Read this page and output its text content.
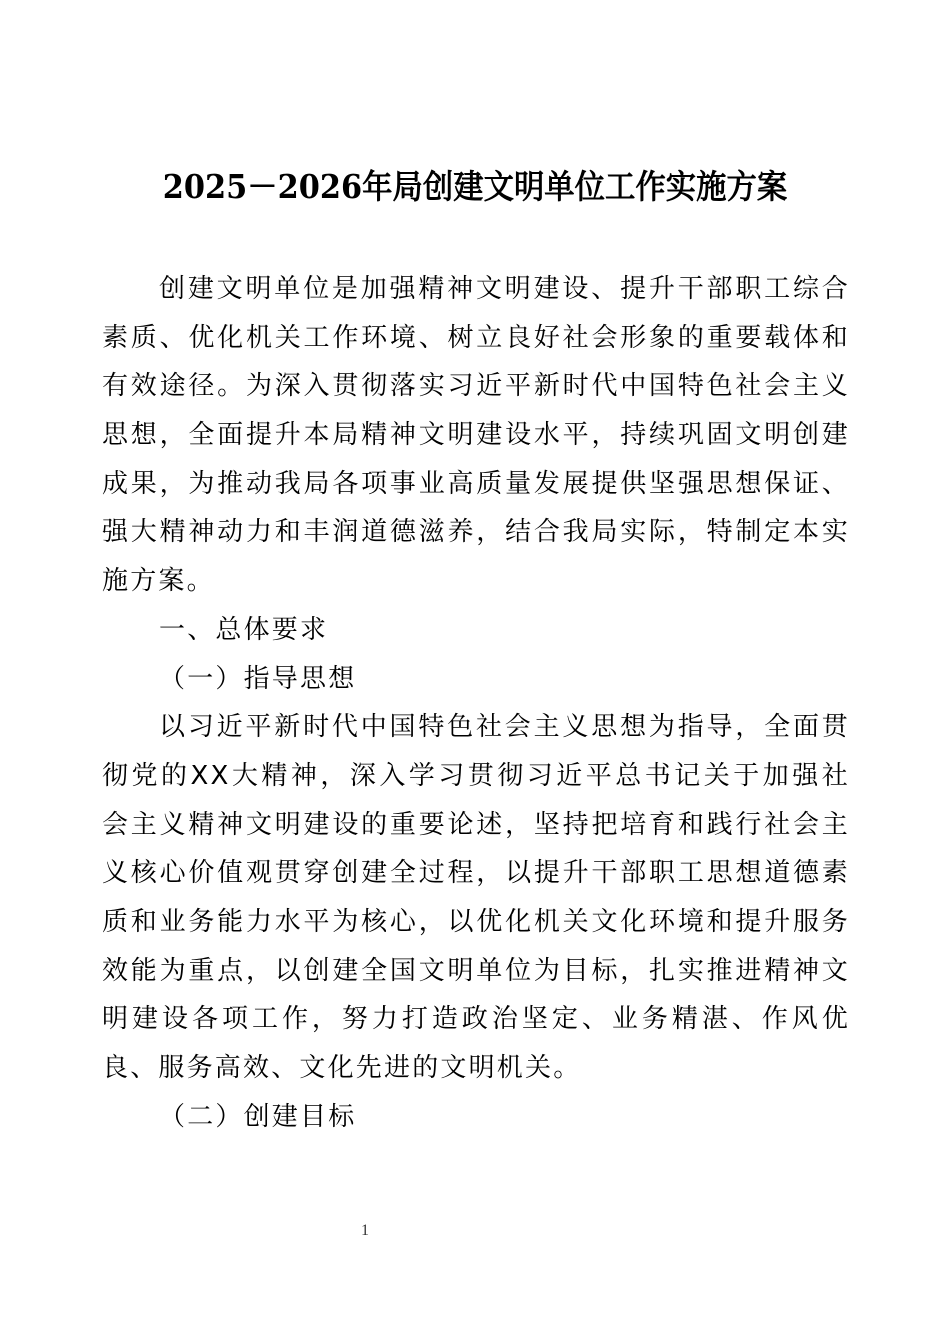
2025－2026年局创建文明单位工作实施方案
创建文明单位是加强精神文明建设、提升干部职工综合
素质、优化机关工作环境、树立良好社会形象的重要载体和
有效途径。为深入贯彻落实习近平新时代中国特色社会主义
思想，全面提升本局精神文明建设水平，持续巩固文明创建
成果，为推动我局各项事业高质量发展提供坚强思想保证、
强大精神动力和丰润道德滋养，结合我局实际，特制定本实
施方案。
一、总体要求
（一）指导思想
以习近平新时代中国特色社会主义思想为指导，全面贯
彻党的XX大精神，深入学习贯彻习近平总书记关于加强社
会主义精神文明建设的重要论述，坚持把培育和践行社会主
义核心价值观贯穿创建全过程，以提升干部职工思想道德素
质和业务能力水平为核心，以优化机关文化环境和提升服务
效能为重点，以创建全国文明单位为目标，扎实推进精神文
明建设各项工作，努力打造政治坚定、业务精湛、作风优
良、服务高效、文化先进的文明机关。
（二）创建目标
1
